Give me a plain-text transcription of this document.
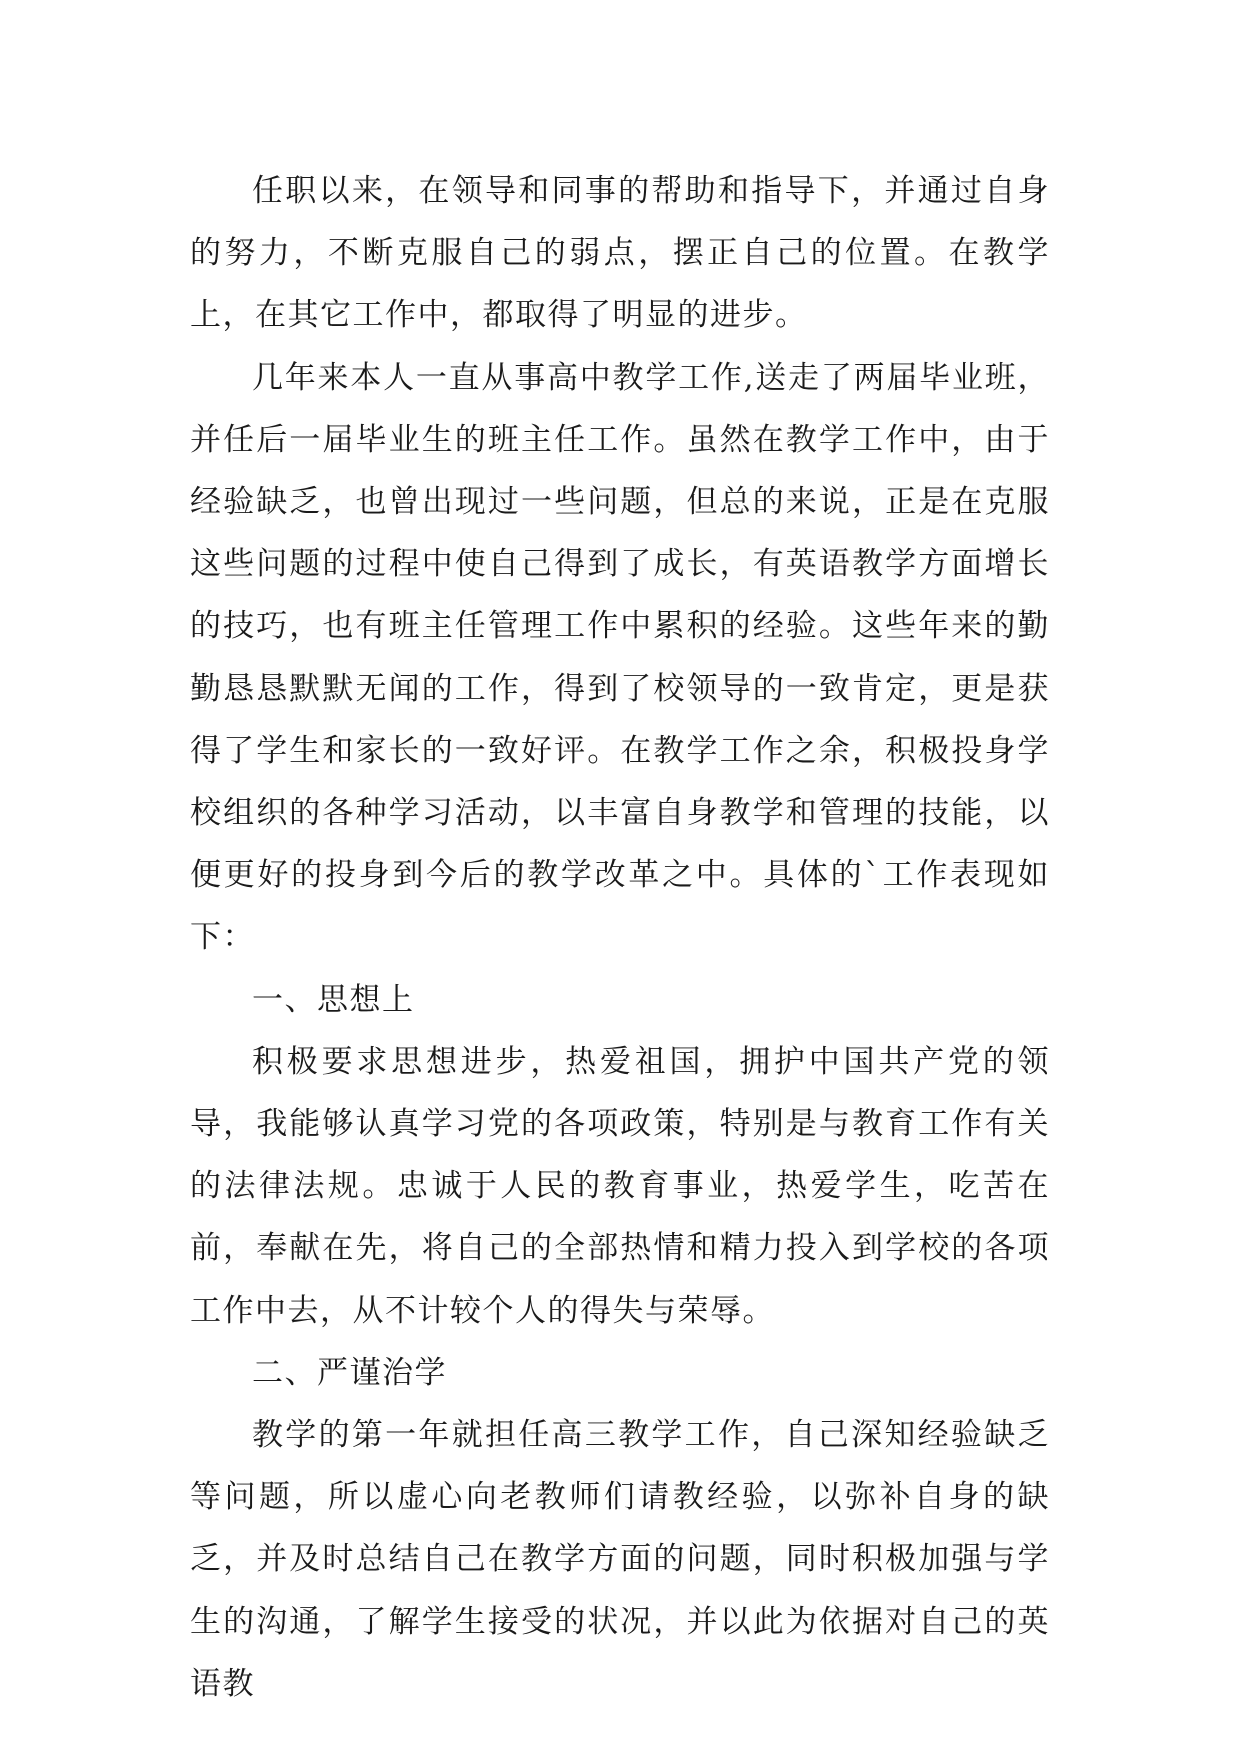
任职以来，在领导和同事的帮助和指导下，并通过自身的努力，不断克服自己的弱点，摆正自己的位置。在教学上，在其它工作中，都取得了明显的进步。

几年来本人一直从事高中教学工作,送走了两届毕业班，并任后一届毕业生的班主任工作。虽然在教学工作中，由于经验缺乏，也曾出现过一些问题，但总的来说，正是在克服这些问题的过程中使自己得到了成长，有英语教学方面增长的技巧，也有班主任管理工作中累积的经验。这些年来的勤勤恳恳默默无闻的工作，得到了校领导的一致肯定，更是获得了学生和家长的一致好评。在教学工作之余，积极投身学校组织的各种学习活动，以丰富自身教学和管理的技能，以便更好的投身到今后的教学改革之中。具体的`工作表现如下：

一、思想上

积极要求思想进步，热爱祖国，拥护中国共产党的领导，我能够认真学习党的各项政策，特别是与教育工作有关的法律法规。忠诚于人民的教育事业，热爱学生，吃苦在前，奉献在先，将自己的全部热情和精力投入到学校的各项工作中去，从不计较个人的得失与荣辱。

二、严谨治学

教学的第一年就担任高三教学工作，自己深知经验缺乏等问题，所以虚心向老教师们请教经验，以弥补自身的缺乏，并及时总结自己在教学方面的问题，同时积极加强与学生的沟通，了解学生接受的状况，并以此为依据对自己的英语教
